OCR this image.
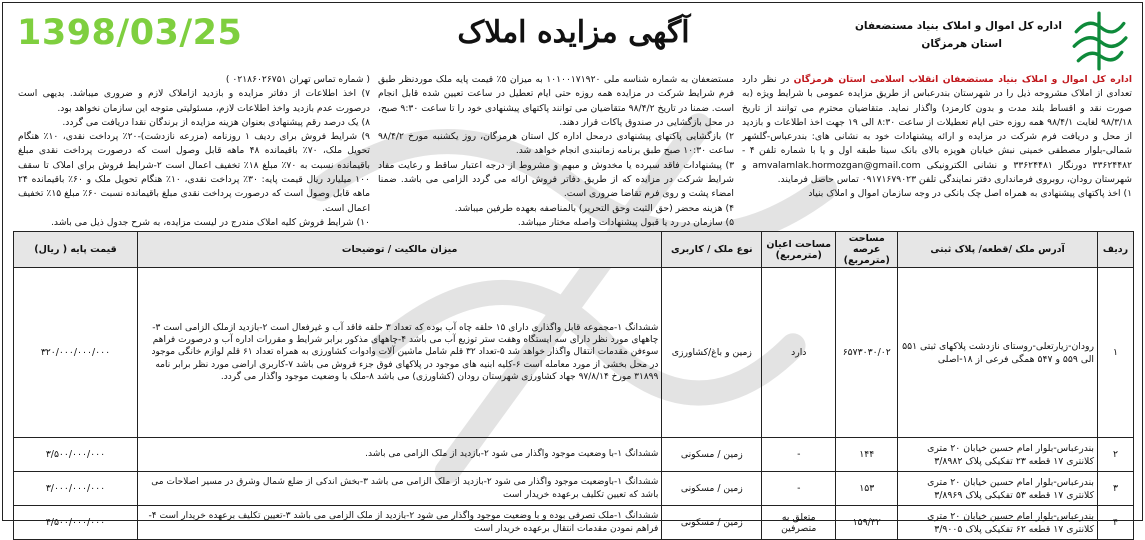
1398/03/25	آگهی مزایده املاک	اداره کل اموال و املاک بنیاد مستضعفان
استان هرمزگان

اداره کل اموال و املاک بنیاد مستضعفان انقلاب اسلامی استان هرمزگان در نظر دارد تعدادی از املاک مشروحه ذیل را در شهرستان بندرعباس از طریق مزایده عمومی با شرایط ویژه (به صورت نقد و اقساط بلند مدت و بدون کارمزد) واگذار نماید. متقاضیان محترم می توانند از تاریخ ۹۸/۳/۱۸ لغایت ۹۸/۴/۱ همه روزه حتی ایام تعطیلات از ساعت ۸:۳۰ الی ۱۹ جهت اخذ اطلاعات و بازدید از محل و دریافت فرم شرکت در مزایده و ارائه پیشنهادات خود به نشانی های: بندرعباس-گلشهر شمالی-بلوار مصطفی خمینی نبش خیابان هویزه بالای بانک سینا طبقه اول و یا با شماره تلفن ۴ - ۳۳۶۲۴۴۸۲ دورنگار ۳۳۶۲۴۴۸۱ و نشانی الکترونیکی amvalamlak.hormozgan@gmail.com و شهرستان رودان، روبروی فرمانداری دفتر نمایندگی تلفن ۰۹۱۷۱۶۷۹۰۲۳ تماس حاصل فرمایند.

۱) اخذ پاکتهای پیشنهادی به همراه اصل چک بانکی در وجه سازمان اموال و املاک بنیاد

مستضعفان به شماره شناسه ملی ۱۰۱۰۰۱۷۱۹۲۰ به میزان ۵٪ قیمت پایه ملک موردنظر طبق فرم شرایط شرکت در مزایده همه روزه حتی ایام تعطیل در ساعت تعیین شده قابل انجام است. ضمنا در تاریخ ۹۸/۴/۲ متقاضیان می توانند پاکتهای پیشنهادی خود را تا ساعت ۹:۳۰ صبح، در محل بازگشایی در صندوق پاکات قرار دهند.

۲) بازگشایی پاکتهای پیشنهادی درمحل اداره کل استان هرمزگان، روز یکشنبه مورخ ۹۸/۴/۲ ساعت ۱۰:۳۰ صبح طبق برنامه زمانبندی انجام خواهد شد.

۳) پیشنهادات فاقد سپرده یا مخدوش و مبهم و مشروط از درجه اعتبار ساقط و رعایت مفاد شرایط شرکت در مزایده که از طریق دفاتر فروش ارائه می گردد الزامی می باشد. ضمنا امضاء پشت و روی فرم تقاضا ضروری است.

۴) هزینه محضر (حق الثبت وحق التحریر) بالمناصفه بعهده طرفین میباشد.

۵) سازمان در رد یا قبول پیشنهادات واصله مختار میباشد.

( شماره تماس تهران ۰۲۱۸۶۰۲۶۷۵۱ )

۷) اخذ اطلاعات از دفاتر مزایده و بازدید ازاملاک لازم و ضروری میباشد. بدیهی است درصورت عدم بازدید واخذ اطلاعات لازم، مسئولیتی متوجه این سازمان نخواهد بود.

۸) یک درصد رقم پیشنهادی بعنوان هزینه مزایده از برندگان نقدا دریافت می گردد.

۹) شرایط فروش برای ردیف ۱ روزنامه (مزرعه نازدشت)-۲۰٪ پرداخت نقدی، ۱۰٪ هنگام تحویل ملک، ۷۰٪ باقیمانده ۴۸ ماهه قابل وصول است که درصورت پرداخت نقدی مبلغ باقیمانده نسبت به ۷۰٪ مبلغ ۱۸٪ تخفیف اعمال است ۲-شرایط فروش برای املاک تا سقف ۱۰۰ میلیارد ریال قیمت پایه: ۳۰٪ پرداخت نقدی، ۱۰٪ هنگام تحویل ملک و ۶۰٪ باقیمانده ۲۴ ماهه قابل وصول است که درصورت پرداخت نقدی مبلغ باقیمانده نسبت ۶۰٪ مبلغ ۱۵٪ تخفیف اعمال است.

۱۰) شرایط فروش کلیه املاک مندرج در لیست مزایده، به شرح جدول ذیل می باشد.

ردیف	آدرس ملک /قطعه/ پلاک ثبتی	مساحت عرصه (مترمربع)	مساحت اعیان (مترمربع)	نوع ملک / کاربری	میزان مالکیت / توضیحات	قیمت پایه ( ریال)
۱	رودان-زیارتعلی-روستای نازدشت پلاکهای ثبتی ۵۵۱ الی ۵۵۹ و ۵۴۷ همگی فرعی از ۱۸-اصلی	۶۵۷۳۰۳۰/۰۲	دارد	زمین و باغ/کشاورزی	ششدانگ ۱-مجموعه قابل واگذاری دارای ۱۵ حلقه چاه آب بوده که تعداد ۳ حلقه فاقد آب و غیرفعال است ۲-بازدید ازملک الزامی است ۳-چاههای مورد نظر دارای سه ایستگاه وهفت ستر توزیع آب می باشد ۴-چاههای مذکور برابر شرایط و مقررات اداره آب و درصورت فراهم سوءفن مقدمات انتقال واگذار خواهد شد ۵-تعداد ۳۲ قلم شامل ماشین آلات وادوات کشاورزی به همراه تعداد ۶۱ قلم لوازم خانگی موجود در محل بخشی از مورد معامله است ۶-کلیه ابنیه های موجود در پلاکهای فوق جزء فروش می باشد ۷-کاربری اراضی مورد نظر برابر نامه ۳۱۸۹۹ مورخ ۹۷/۸/۱۴ جهاد کشاورزی شهرستان رودان (کشاورزی) می باشد ۸-ملک با وضعیت موجود واگذار می گردد.	۳۲۰/۰۰۰/۰۰۰/۰۰۰
۲	بندرعباس-بلوار امام حسین خیابان ۲۰ متری کلانتری ۱۷ قطعه ۲۳ تفکیکی پلاک ۳/۸۹۸۲	۱۴۴	-	زمین / مسکونی	ششدانگ ۱-با وضعیت موجود واگذار می شود ۲-بازدید از ملک الزامی می باشد.	۳/۵۰۰/۰۰۰/۰۰۰
۳	بندرعباس-بلوار امام حسین خیابان ۲۰ متری کلانتری ۱۷ قطعه ۵۳ تفکیکی پلاک ۳/۸۹۶۹	۱۵۳	-	زمین / مسکونی	ششدانگ ۱-باوضعیت موجود واگذار می شود ۲-بازدید از ملک الزامی می باشد ۳-بخش اندکی از ضلع شمال وشرق در مسیر اصلاحات می باشد که تعیین تکلیف برعهده خریدار است	۳/۰۰۰/۰۰۰/۰۰۰
۴	بندرعباس-بلوار امام حسین خیابان ۲۰ متری کلانتری ۱۷ قطعه ۶۲ تفکیکی پلاک ۳/۹۰۰۵	۱۵۹/۳۲	متعلق به متصرفین	زمین / مسکونی	ششدانگ ۱-ملک تصرفی بوده و با وضعیت موجود واگذار می شود ۲-بازدید از ملک الزامی می باشد ۳-تعیین تکلیف برعهده خریدار است ۴-فراهم نمودن مقدمات انتقال برعهده خریدار است	۴/۵۰۰/۰۰۰/۰۰۰
